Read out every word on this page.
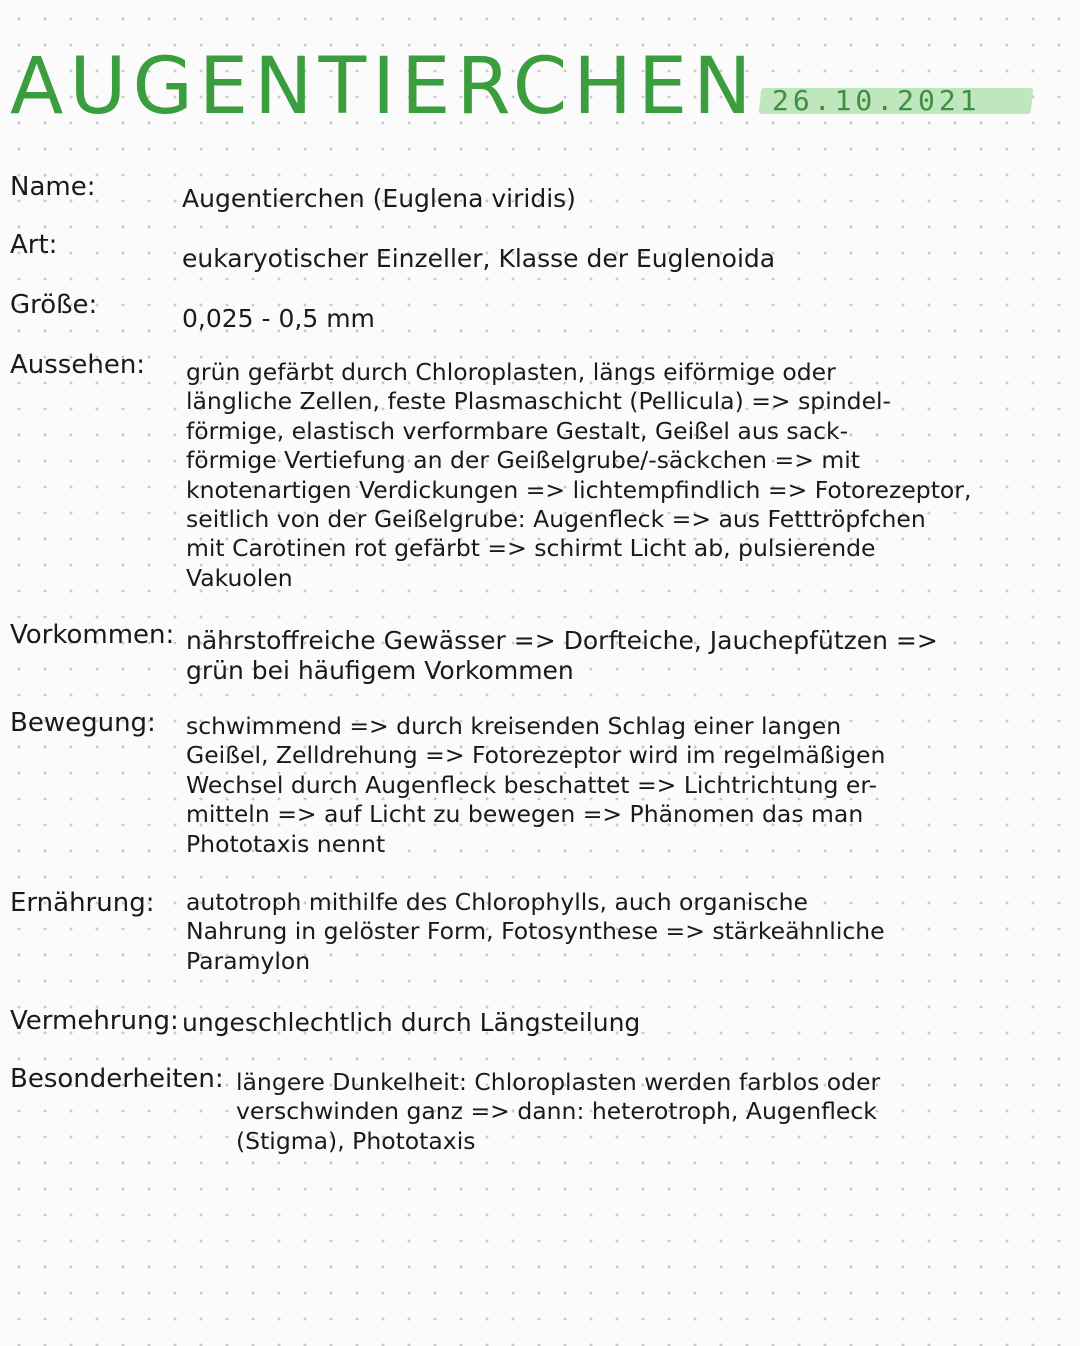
AUGENTIERCHEN 26.10.2021
Name:	Augentierchen (Euglena viridis)
Art:	eukaryotischer Einzeller, Klasse der Euglenoida
Größe:	0,025 - 0,5 mm
Aussehen: grün gefärbt durch Chloroplasten, längs eiförmige oder
längliche Zellen, feste Plasmaschicht (Pellicula) => spindel-
förmige, elastisch verformbare Gestalt, Geißel aus sack-
förmige Vertiefung an der Geißelgrube/-säckchen => mit
knotenartigen Verdickungen => lichtempfindlich => Fotorezeptor,
seitlich von der Geißelgrube: Augenfleck => aus Fetttröpfchen
mit Carotinen rot gefärbt => schirmt Licht ab, pulsierende
Vakuolen
Vorkommen: nährstoffreiche Gewässer => Dorfteiche, Jauchepfützen =>
grün bei häufigem Vorkommen
Bewegung: schwimmend => durch kreisenden Schlag einer langen
Geißel, Zelldrehung => Fotorezeptor wird im regelmäßigen
Wechsel durch Augenfleck beschattet => Lichtrichtung er-
mitteln => auf Licht zu bewegen => Phänomen das man
Phototaxis nennt
Ernährung: autotroph mithilfe des Chlorophylls, auch organische
Nahrung in gelöster Form, Fotosynthese => stärkeähnliche
Paramylon
Vermehrung: ungeschlechtlich durch Längsteilung
Besonderheiten: längere Dunkelheit: Chloroplasten werden farblos oder
verschwinden ganz => dann: heterotroph, Augenfleck
(Stigma), Phototaxis
